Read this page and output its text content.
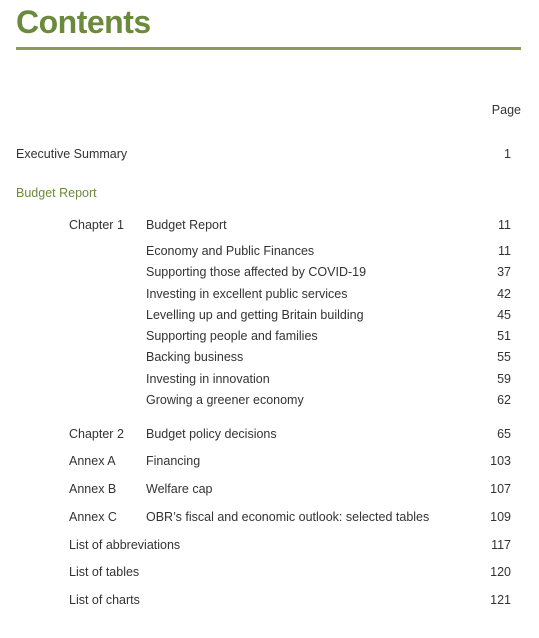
Contents
Page
Executive Summary	1
Budget Report
Chapter 1 Budget Report	11
Economy and Public Finances	11
Supporting those affected by COVID-19	37
Investing in excellent public services	42
Levelling up and getting Britain building	45
Supporting people and families	51
Backing business	55
Investing in innovation	59
Growing a greener economy	62
Chapter 2 Budget policy decisions	65
Annex A Financing	103
Annex B Welfare cap	107
Annex C OBR’s fiscal and economic outlook: selected tables	109
List of abbreviations	117
List of tables	120
List of charts	121
